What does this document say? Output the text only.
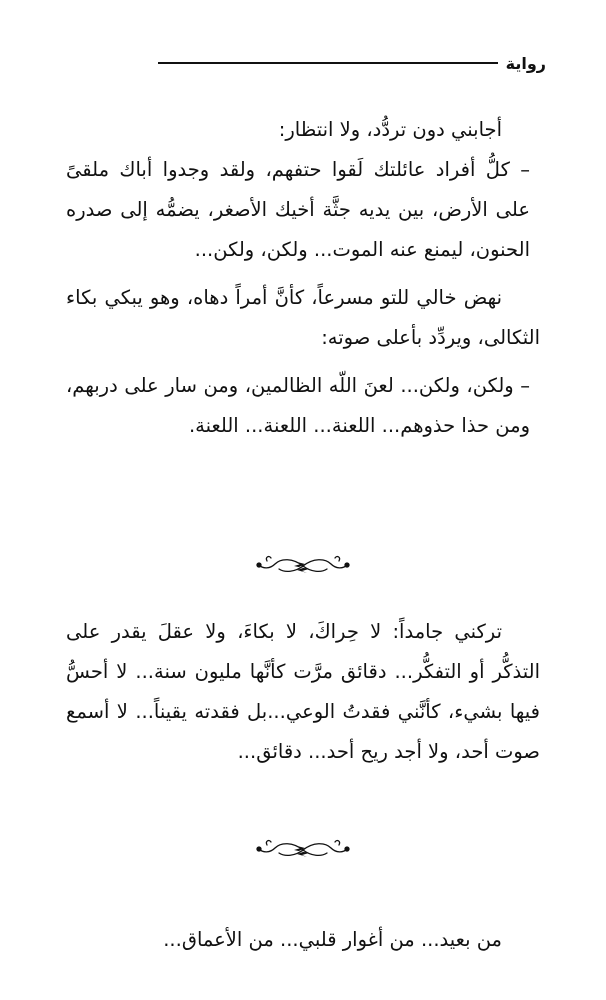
رواية

أجابني دون تردُّد، ولا انتظار:

– كلُّ أفراد عائلتك لَقوا حتفهم، ولقد وجدوا أباك ملقىً على الأرض، بين يديه جثَّة أخيك الأصغر، يضمُّه إلى صدره الحنون، ليمنع عنه الموت... ولكن، ولكن...

نهض خالي للتو مسرعاً، كأنَّ أمراً دهاه، وهو يبكي بكاء الثكالى، ويردِّد بأعلى صوته:

– ولكن، ولكن... لعنَ اللّه الظالمين، ومن سار على دربهم، ومن حذا حذوهم... اللعنة... اللعنة... اللعنة.

تركني جامداً: لا حِراكَ، لا بكاءَ، ولا عقلَ يقدر على التذكُّر أو التفكُّر... دقائق مرَّت كأنَّها مليون سنة... لا أحسُّ فيها بشيء، كأنَّني فقدتُ الوعي...بل فقدته يقيناً... لا أسمع صوت أحد، ولا أجد ريح أحد... دقائق...

من بعيد... من أغوار قلبي... من الأعماق...
